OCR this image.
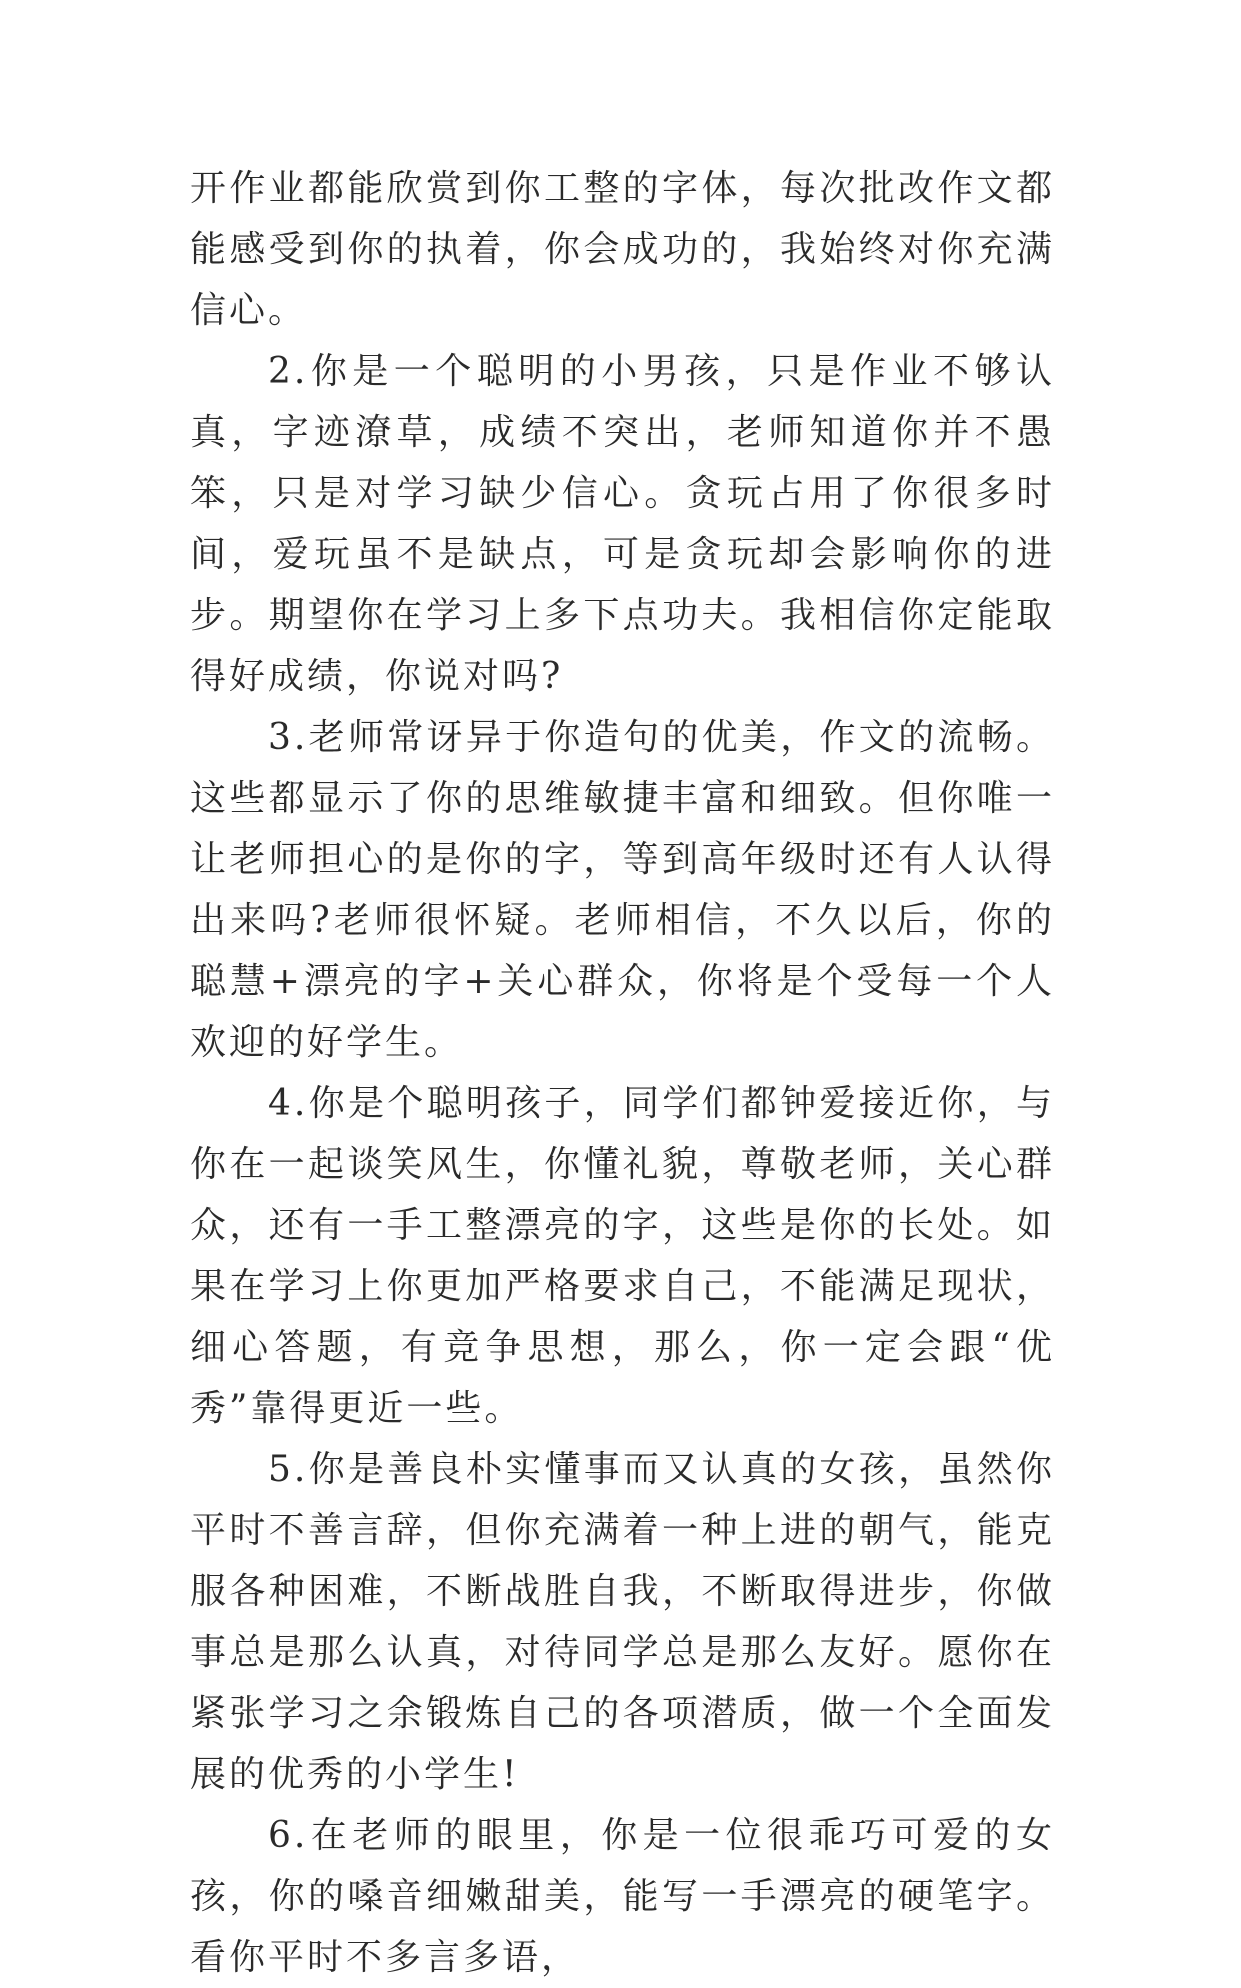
开作业都能欣赏到你工整的字体，每次批改作文都能感受到你的执着，你会成功的，我始终对你充满信心。

2.你是一个聪明的小男孩，只是作业不够认真，字迹潦草，成绩不突出，老师知道你并不愚笨，只是对学习缺少信心。贪玩占用了你很多时间，爱玩虽不是缺点，可是贪玩却会影响你的进步。期望你在学习上多下点功夫。我相信你定能取得好成绩，你说对吗?

3.老师常讶异于你造句的优美，作文的流畅。这些都显示了你的思维敏捷丰富和细致。但你唯一让老师担心的是你的字，等到高年级时还有人认得出来吗?老师很怀疑。老师相信，不久以后，你的聪慧+漂亮的字+关心群众，你将是个受每一个人欢迎的好学生。

4.你是个聪明孩子，同学们都钟爱接近你，与你在一起谈笑风生，你懂礼貌，尊敬老师，关心群众，还有一手工整漂亮的字，这些是你的长处。如果在学习上你更加严格要求自己，不能满足现状，细心答题，有竞争思想，那么，你一定会跟“优秀”靠得更近一些。

5.你是善良朴实懂事而又认真的女孩，虽然你平时不善言辞，但你充满着一种上进的朝气，能克服各种困难，不断战胜自我，不断取得进步，你做事总是那么认真，对待同学总是那么友好。愿你在紧张学习之余锻炼自己的各项潜质，做一个全面发展的优秀的小学生!

6.在老师的眼里，你是一位很乖巧可爱的女孩，你的嗓音细嫩甜美，能写一手漂亮的硬笔字。看你平时不多言多语，
